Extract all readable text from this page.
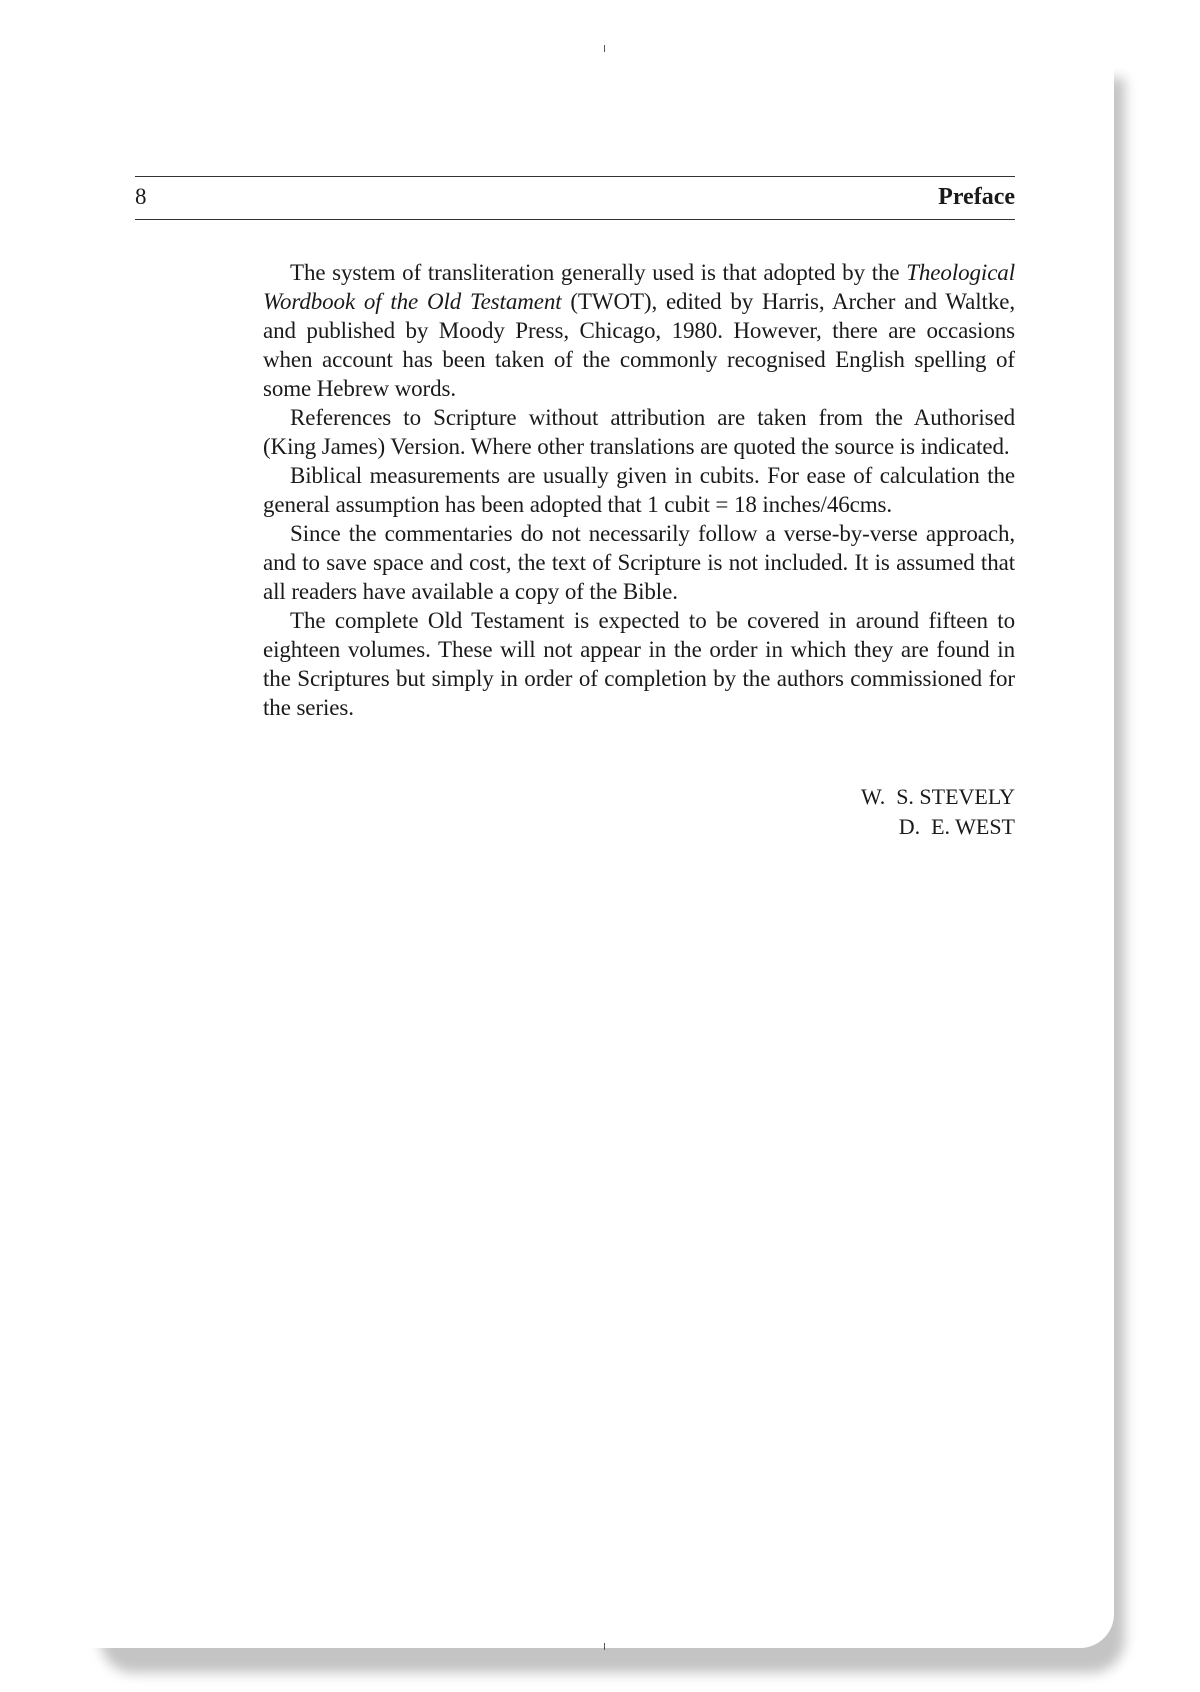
8	Preface

The system of transliteration generally used is that adopted by the Theological Wordbook of the Old Testament (TWOT), edited by Harris, Archer and Waltke, and published by Moody Press, Chicago, 1980. However, there are occasions when account has been taken of the commonly recognised English spelling of some Hebrew words.

References to Scripture without attribution are taken from the Authorised (King James) Version. Where other translations are quoted the source is indicated.

Biblical measurements are usually given in cubits. For ease of calculation the general assumption has been adopted that 1 cubit = 18 inches/46cms.

Since the commentaries do not necessarily follow a verse-by-verse approach, and to save space and cost, the text of Scripture is not included. It is assumed that all readers have available a copy of the Bible.

The complete Old Testament is expected to be covered in around fifteen to eighteen volumes. These will not appear in the order in which they are found in the Scriptures but simply in order of completion by the authors commissioned for the series.

W.  S. STEVELY
D.  E. WEST
